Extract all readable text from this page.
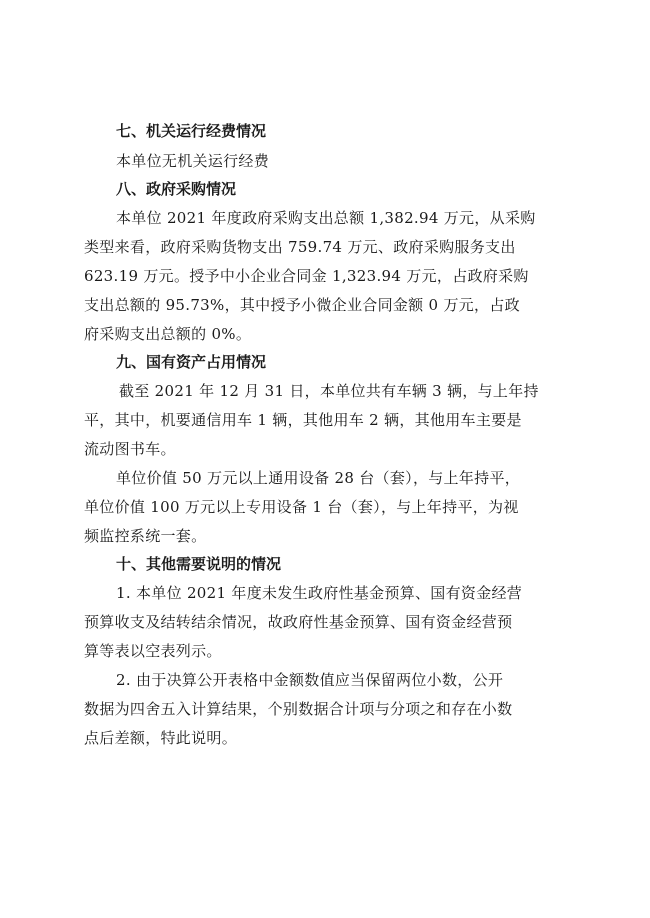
七、机关运行经费情况
本单位无机关运行经费
八、政府采购情况
本单位 2021 年度政府采购支出总额 1,382.94 万元，从采购
类型来看，政府采购货物支出 759.74 万元、政府采购服务支出
623.19 万元。授予中小企业合同金 1,323.94 万元，占政府采购
支出总额的 95.73%，其中授予小微企业合同金额 0 万元，占政
府采购支出总额的 0%。
九、国有资产占用情况
截至 2021 年 12 月 31 日，本单位共有车辆 3 辆，与上年持
平，其中，机要通信用车 1 辆，其他用车 2 辆，其他用车主要是
流动图书车。
单位价值 50 万元以上通用设备 28 台（套），与上年持平，
单位价值 100 万元以上专用设备 1 台（套），与上年持平，为视
频监控系统一套。
十、其他需要说明的情况
1. 本单位 2021 年度未发生政府性基金预算、国有资金经营
预算收支及结转结余情况，故政府性基金预算、国有资金经营预
算等表以空表列示。
2. 由于决算公开表格中金额数值应当保留两位小数，公开
数据为四舍五入计算结果，个别数据合计项与分项之和存在小数
点后差额，特此说明。
